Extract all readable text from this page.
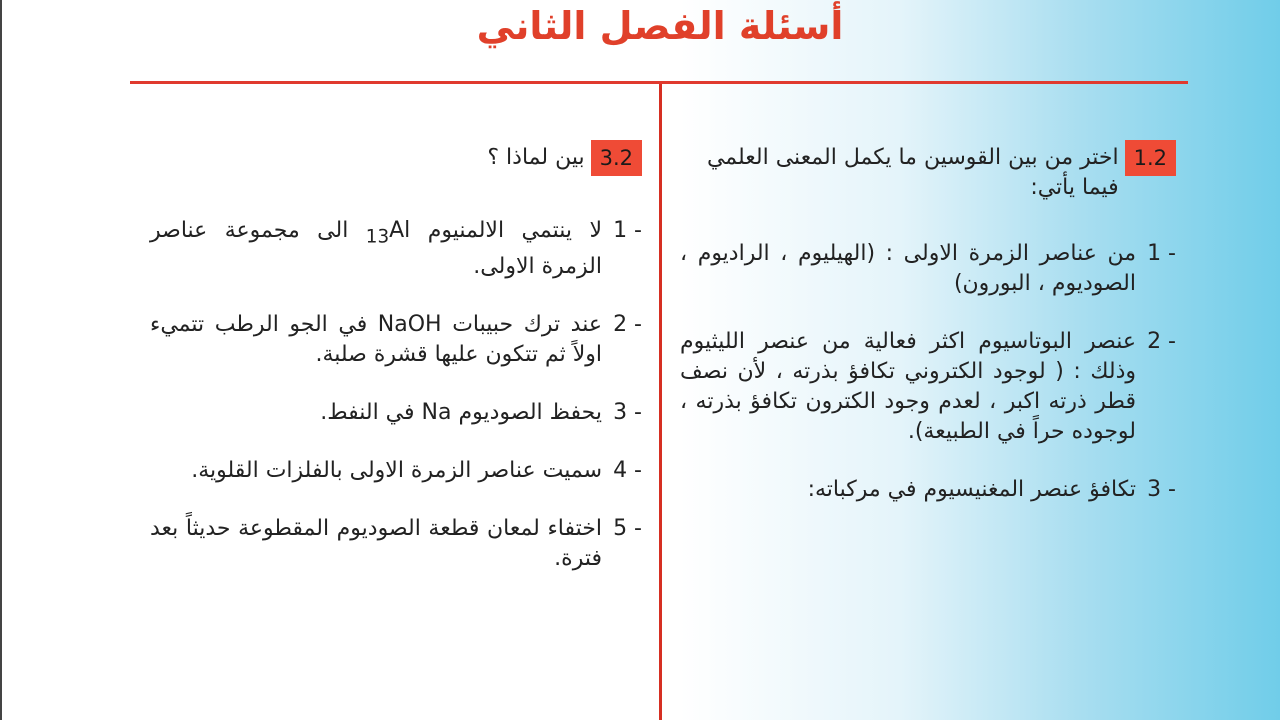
أسئلة الفصل الثاني
1.2
اختر من بين القوسين ما يكمل المعنى العلمي فيما يأتي:
1 -
من عناصر الزمرة الاولى : (الهيليوم ، الراديوم ، الصوديوم ، البورون)
2 -
عنصر البوتاسيوم اكثر فعالية من عنصر الليثيوم وذلك : ( لوجود الكتروني تكافؤ بذرته ، لأن نصف قطر ذرته اكبر ، لعدم وجود الكترون تكافؤ بذرته ، لوجوده حراً في الطبيعة).
3 -
تكافؤ عنصر المغنيسيوم في مركباته:
3.2
بين لماذا ؟
1 -
لا ينتمي الالمنيوم $_{13}$Al الى مجموعة عناصر الزمرة الاولى.
2 -
عند ترك حبيبات NaOH في الجو الرطب تتميء اولاً ثم تتكون عليها قشرة صلبة.
3 -
يحفظ الصوديوم Na في النفط.
4 -
سميت عناصر الزمرة الاولى بالفلزات القلوية.
5 -
اختفاء لمعان قطعة الصوديوم المقطوعة حديثاً بعد فترة.
